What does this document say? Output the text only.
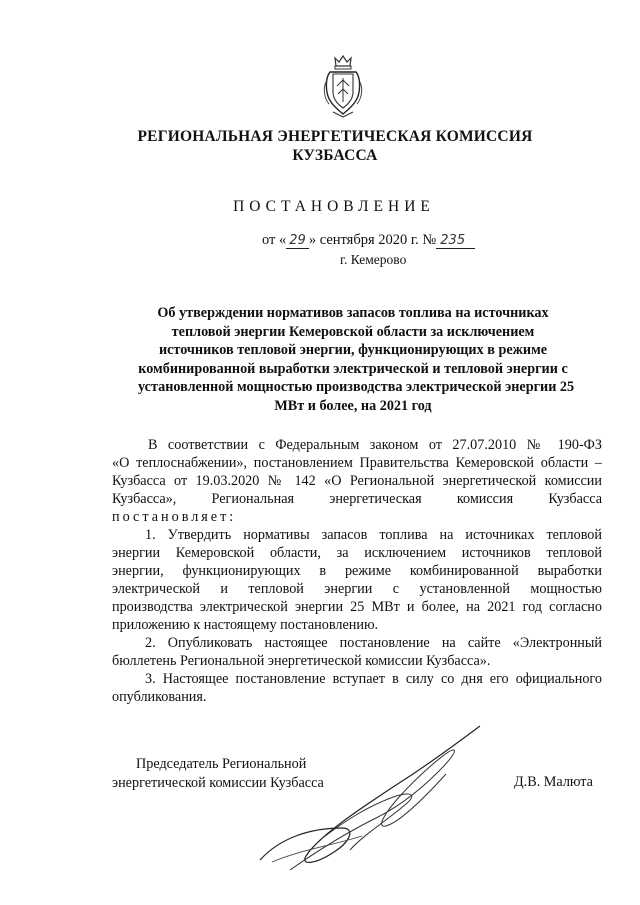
РЕГИОНАЛЬНАЯ ЭНЕРГЕТИЧЕСКАЯ КОМИССИЯ
КУЗБАССА
ПОСТАНОВЛЕНИЕ
от « 29 » сентября 2020 г. № 235
г. Кемерово
Об утверждении нормативов запасов топлива на источниках
тепловой энергии Кемеровской области за исключением
источников тепловой энергии, функционирующих в режиме
комбинированной выработки электрической и тепловой энергии с
установленной мощностью производства электрической энергии 25
МВт и более, на 2021 год
В соответствии с Федеральным законом от 27.07.2010 № 190-ФЗ
«О теплоснабжении», постановлением Правительства Кемеровской области –
Кузбасса от 19.03.2020 № 142 «О Региональной энергетической комиссии
Кузбасса», Региональная энергетическая комиссия Кузбасса
постановляет:
1. Утвердить нормативы запасов топлива на источниках тепловой
энергии Кемеровской области, за исключением источников тепловой
энергии, функционирующих в режиме комбинированной выработки
электрической и тепловой энергии с установленной мощностью
производства электрической энергии 25 МВт и более, на 2021 год согласно
приложению к настоящему постановлению.
2. Опубликовать настоящее постановление на сайте «Электронный
бюллетень Региональной энергетической комиссии Кузбасса».
3. Настоящее постановление вступает в силу со дня его официального
опубликования.
Председатель Региональной
энергетической комиссии Кузбасса	Д.В. Малюта
